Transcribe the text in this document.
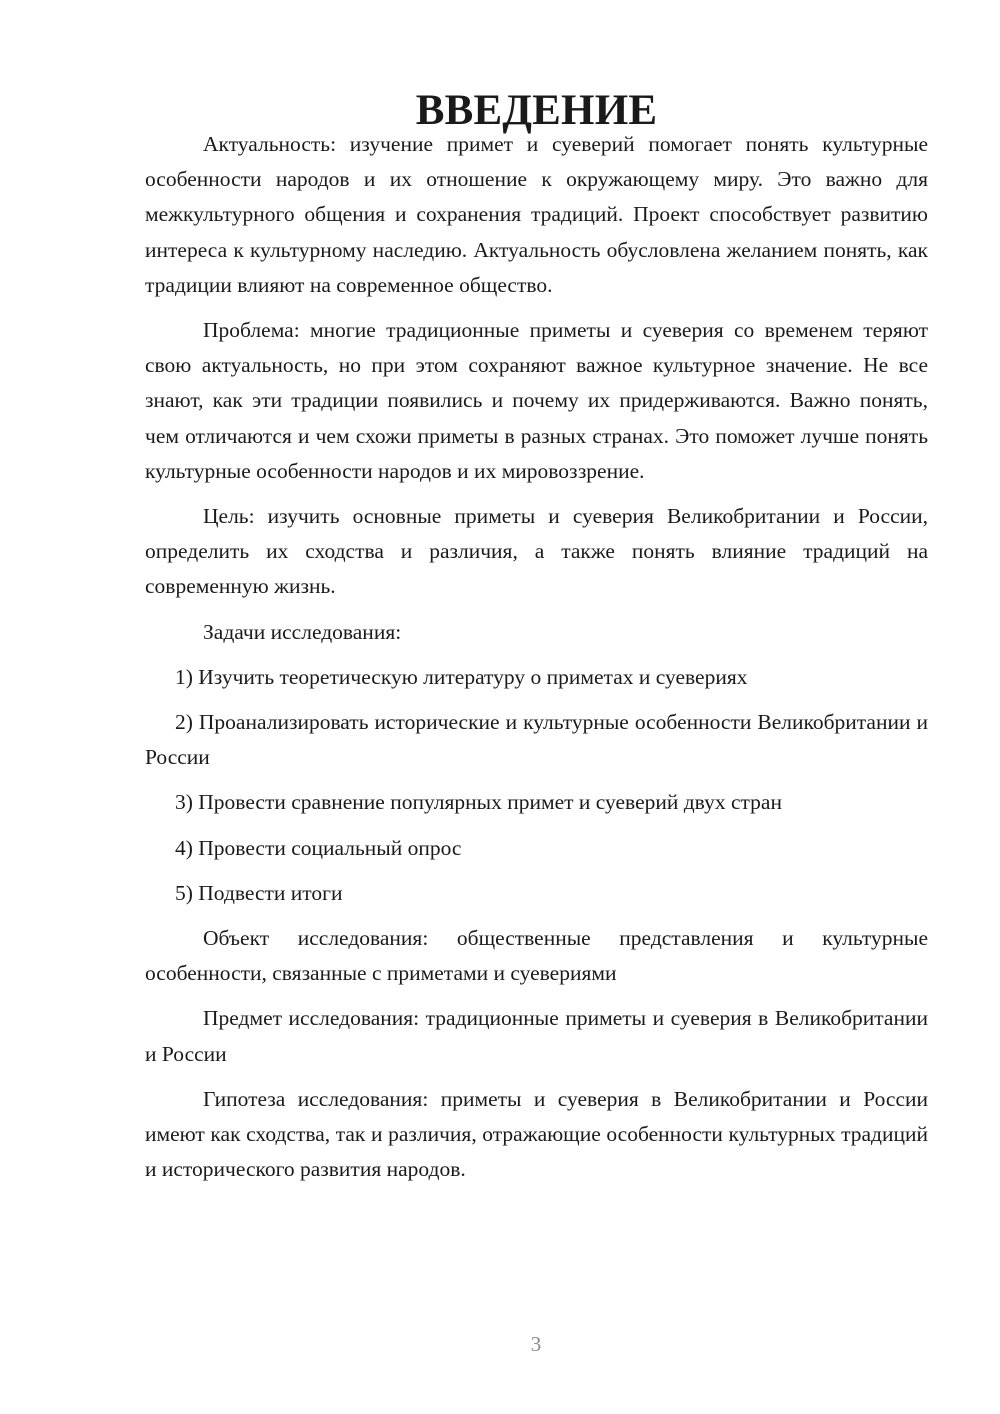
ВВЕДЕНИЕ

Актуальность: изучение примет и суеверий помогает понять культурные особенности народов и их отношение к окружающему миру. Это важно для межкультурного общения и сохранения традиций. Проект способствует развитию интереса к культурному наследию. Актуальность обусловлена желанием понять, как традиции влияют на современное общество.

Проблема: многие традиционные приметы и суеверия со временем теряют свою актуальность, но при этом сохраняют важное культурное значение. Не все знают, как эти традиции появились и почему их придерживаются. Важно понять, чем отличаются и чем схожи приметы в разных странах. Это поможет лучше понять культурные особенности народов и их мировоззрение.

Цель: изучить основные приметы и суеверия Великобритании и России, определить их сходства и различия, а также понять влияние традиций на современную жизнь.

Задачи исследования:

1) Изучить теоретическую литературу о приметах и суевериях

2) Проанализировать исторические и культурные особенности Великобритании и России

3) Провести сравнение популярных примет и суеверий двух стран

4) Провести социальный опрос

5) Подвести итоги

Объект исследования: общественные представления и культурные особенности, связанные с приметами и суевериями

Предмет исследования: традиционные приметы и суеверия в Великобритании и России

Гипотеза исследования: приметы и суеверия в Великобритании и России имеют как сходства, так и различия, отражающие особенности культурных традиций и исторического развития народов.

3
